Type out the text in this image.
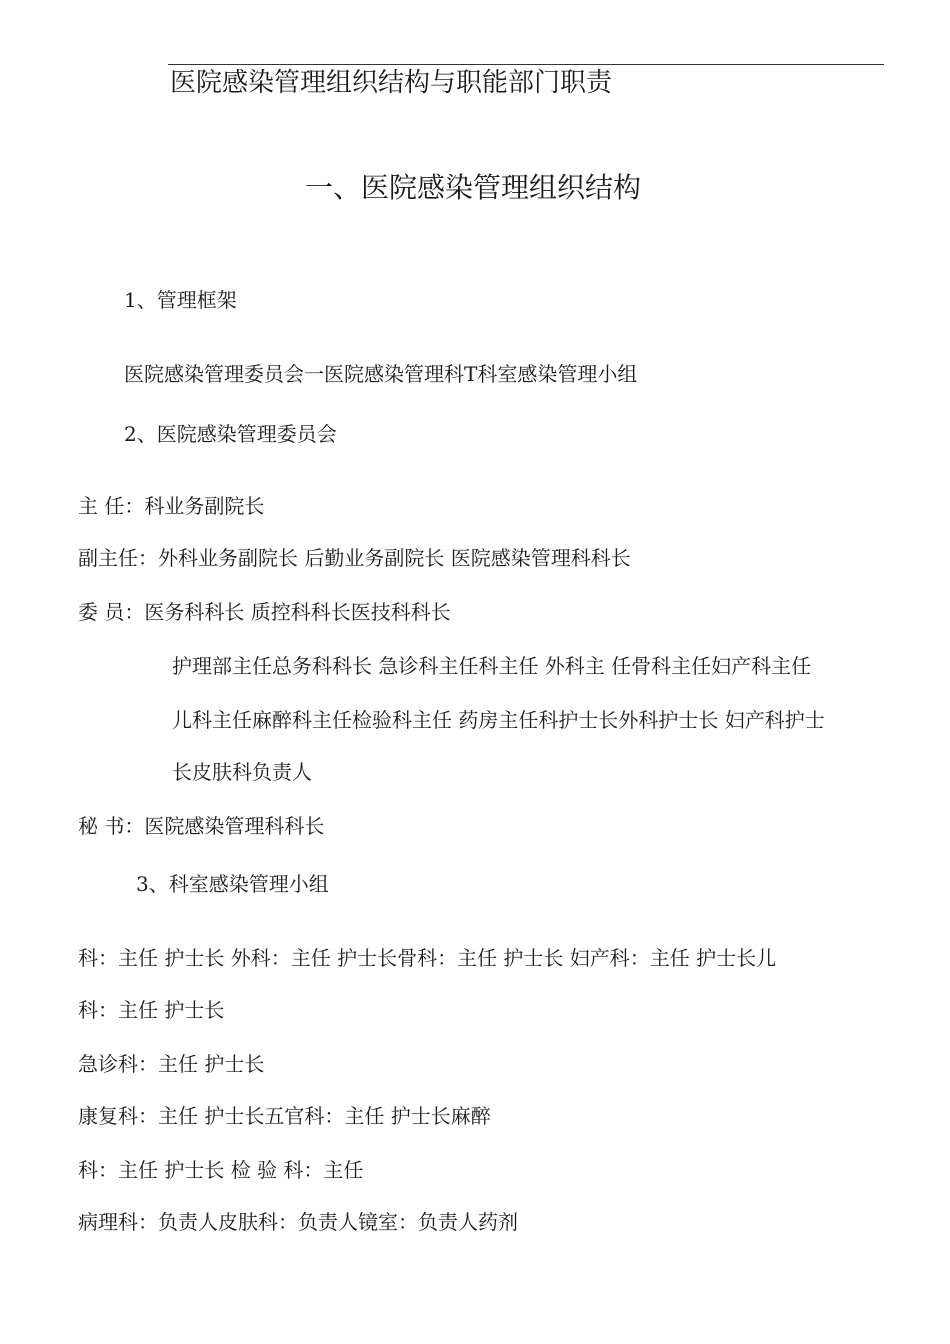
医院感染管理组织结构与职能部门职责
一、医院感染管理组织结构
1、管理框架
医院感染管理委员会一医院感染管理科T科室感染管理小组
2、医院感染管理委员会
主 任：科业务副院长
副主任：外科业务副院长 后勤业务副院长 医院感染管理科科长
委 员：医务科科长 质控科科长医技科科长
护理部主任总务科科长 急诊科主任科主任 外科主 任骨科主任妇产科主任
儿科主任麻醉科主任检验科主任 药房主任科护士长外科护士长 妇产科护士
长皮肤科负责人
秘 书：医院感染管理科科长
3、科室感染管理小组
科：主任 护士长 外科：主任 护士长骨科：主任 护士长 妇产科：主任 护士长儿
科：主任 护士长
急诊科：主任 护士长
康复科：主任 护士长五官科：主任 护士长麻醉
科：主任 护士长 检 验 科：主任
病理科：负责人皮肤科：负责人镜室：负责人药剂
